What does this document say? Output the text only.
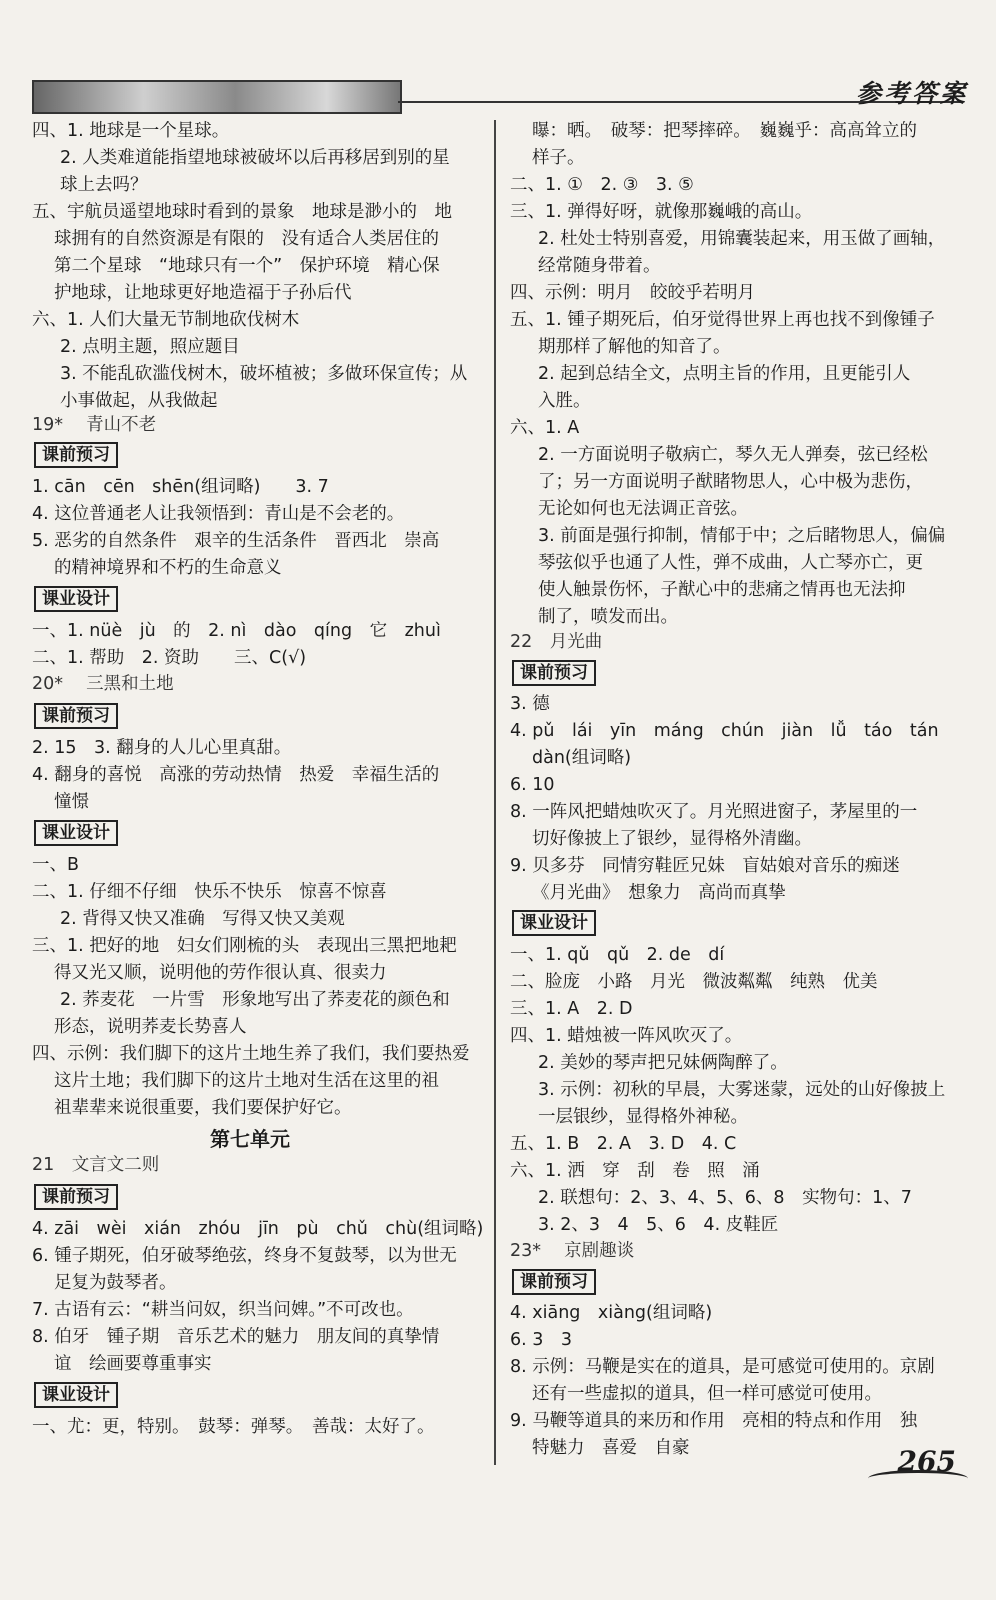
参考答案
四、1. 地球是一个星球。
2. 人类难道能指望地球被破坏以后再移居到别的星
球上去吗？
五、宇航员遥望地球时看到的景象　地球是渺小的　地
球拥有的自然资源是有限的　没有适合人类居住的
第二个星球　“地球只有一个”　保护环境　精心保
护地球，让地球更好地造福于子孙后代
六、1. 人们大量无节制地砍伐树木
2. 点明主题，照应题目
3. 不能乱砍滥伐树木，破坏植被；多做环保宣传；从
小事做起，从我做起
19* 　青山不老
课前预习
1. cān　cēn　shēn(组词略)　　3. 7
4. 这位普通老人让我领悟到：青山是不会老的。
5. 恶劣的自然条件　艰辛的生活条件　晋西北　崇高
的精神境界和不朽的生命意义
课业设计
一、1. nüè　jù　的　2. nì　dào　qíng　它　zhuì
二、1. 帮助　2. 资助　　三、C(√)
20* 　三黑和土地
课前预习
2. 15　3. 翻身的人儿心里真甜。
4. 翻身的喜悦　高涨的劳动热情　热爱　幸福生活的
憧憬
课业设计
一、B
二、1. 仔细不仔细　快乐不快乐　惊喜不惊喜
2. 背得又快又准确　写得又快又美观
三、1. 把好的地　妇女们刚梳的头　表现出三黑把地耙
得又光又顺，说明他的劳作很认真、很卖力
2. 荞麦花　一片雪　形象地写出了荞麦花的颜色和
形态，说明荞麦长势喜人
四、示例：我们脚下的这片土地生养了我们，我们要热爱
这片土地；我们脚下的这片土地对生活在这里的祖
祖辈辈来说很重要，我们要保护好它。
第七单元
21　文言文二则
课前预习
4. zāi　wèi　xián　zhóu　jīn　pù　chǔ　chù(组词略)
6. 锺子期死，伯牙破琴绝弦，终身不复鼓琴，以为世无
足复为鼓琴者。
7. 古语有云：“耕当问奴，织当问婢。”不可改也。
8. 伯牙　锺子期　音乐艺术的魅力　朋友间的真挚情
谊　绘画要尊重事实
课业设计
一、尤：更，特别。　鼓琴：弹琴。　善哉：太好了。
曝：晒。　破琴：把琴摔碎。　巍巍乎：高高耸立的
样子。
二、1. ①　2. ③　3. ⑤
三、1. 弹得好呀，就像那巍峨的高山。
2. 杜处士特别喜爱，用锦囊装起来，用玉做了画轴，
经常随身带着。
四、示例：明月　皎皎乎若明月
五、1. 锺子期死后，伯牙觉得世界上再也找不到像锺子
期那样了解他的知音了。
2. 起到总结全文，点明主旨的作用，且更能引人
入胜。
六、1. A
2. 一方面说明子敬病亡，琴久无人弹奏，弦已经松
了；另一方面说明子猷睹物思人，心中极为悲伤，
无论如何也无法调正音弦。
3. 前面是强行抑制，情郁于中；之后睹物思人，偏偏
琴弦似乎也通了人性，弹不成曲，人亡琴亦亡，更
使人触景伤怀，子猷心中的悲痛之情再也无法抑
制了，喷发而出。
22　月光曲
课前预习
3. 德
4. pǔ　lái　yīn　máng　chún　jiàn　lǚ　táo　tán
dàn(组词略)
6. 10
8. 一阵风把蜡烛吹灭了。月光照进窗子，茅屋里的一
切好像披上了银纱，显得格外清幽。
9. 贝多芬　同情穷鞋匠兄妹　盲姑娘对音乐的痴迷
《月光曲》　想象力　高尚而真挚
课业设计
一、1. qǔ　qǔ　2. de　dí
二、脸庞　小路　月光　微波粼粼　纯熟　优美
三、1. A　2. D
四、1. 蜡烛被一阵风吹灭了。
2. 美妙的琴声把兄妹俩陶醉了。
3. 示例：初秋的早晨，大雾迷蒙，远处的山好像披上
一层银纱，显得格外神秘。
五、1. B　2. A　3. D　4. C
六、1. 洒　穿　刮　卷　照　涌
2. 联想句：2、3、4、5、6、8　实物句：1、7
3. 2、3　4　5、6　4. 皮鞋匠
23* 　京剧趣谈
课前预习
4. xiāng　xiàng(组词略)
6. 3　3
8. 示例：马鞭是实在的道具，是可感觉可使用的。京剧
还有一些虚拟的道具，但一样可感觉可使用。
9. 马鞭等道具的来历和作用　亮相的特点和作用　独
特魅力　喜爱　自豪	265
